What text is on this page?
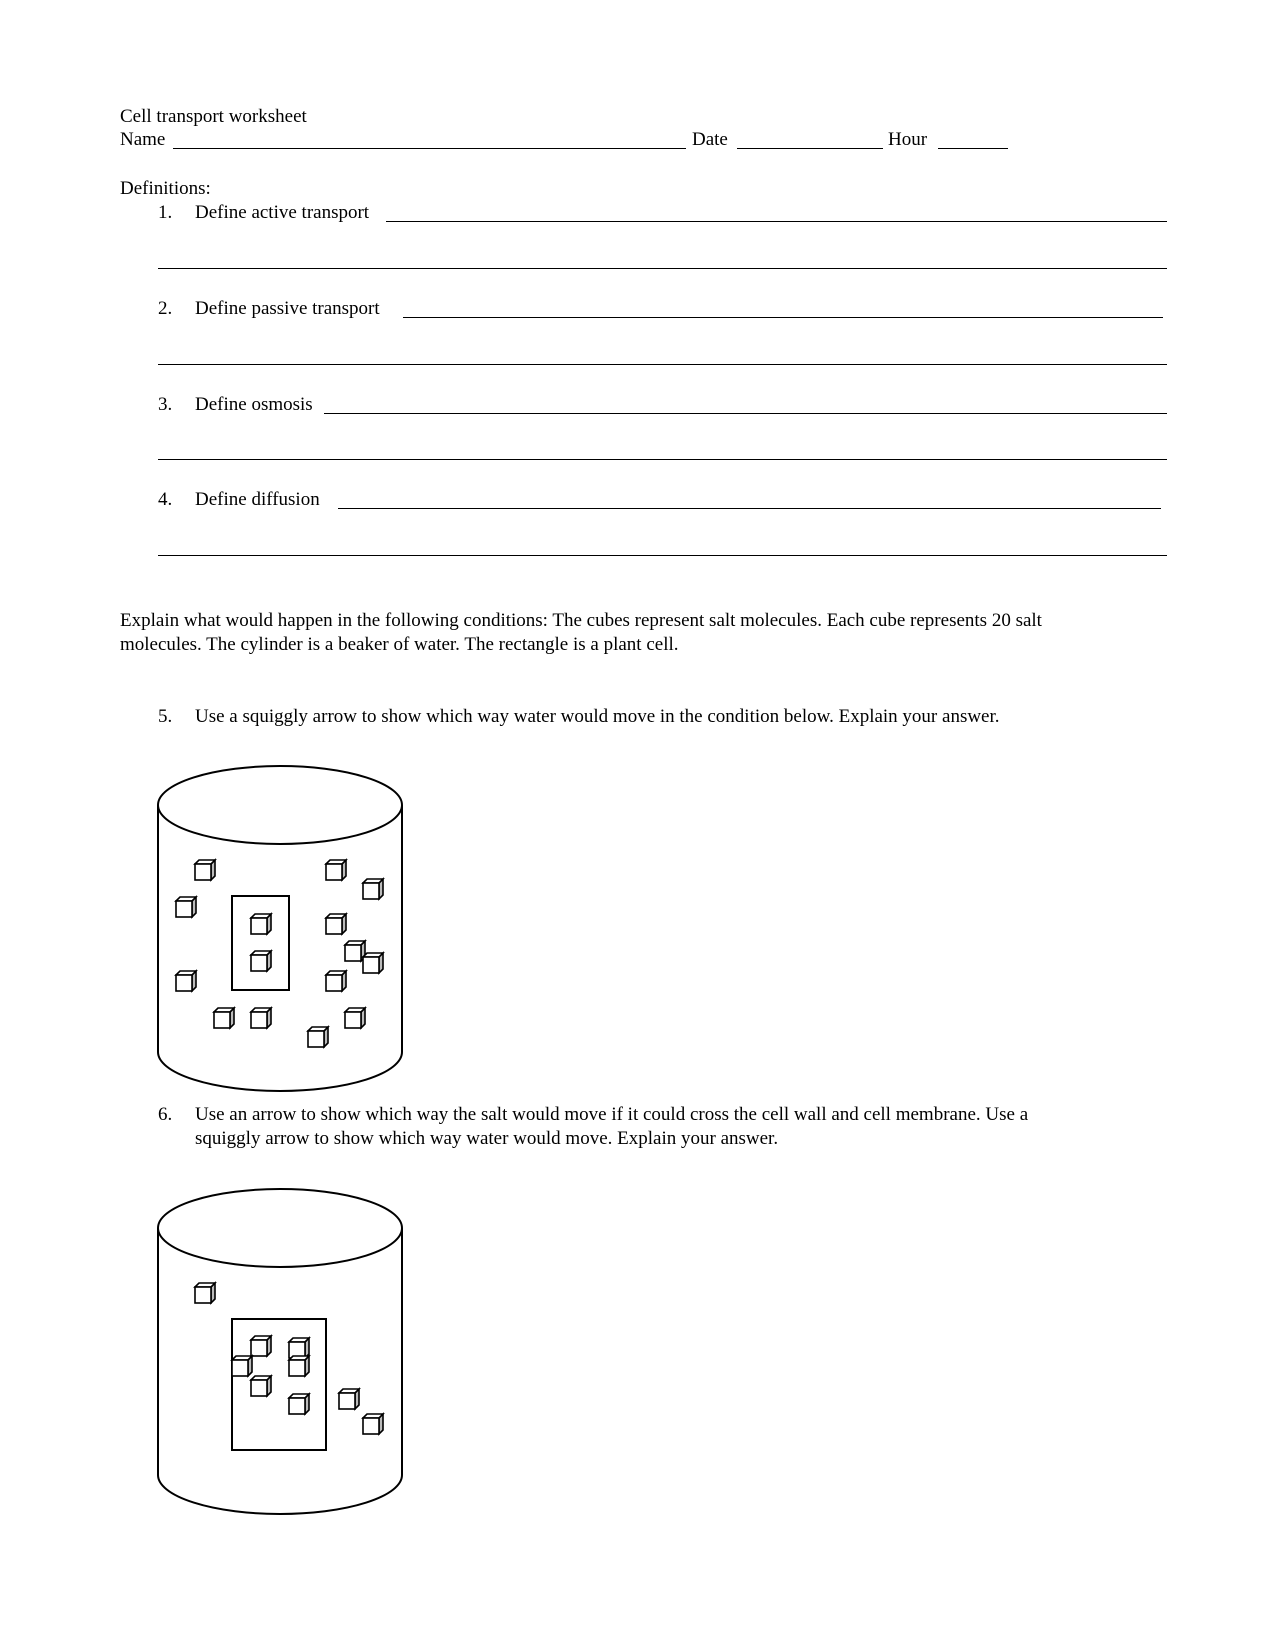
Cell transport worksheet
Name	Date	Hour
Definitions:
1. Define active transport
2. Define passive transport
3. Define osmosis
4. Define diffusion
Explain what would happen in the following conditions: The cubes represent salt molecules. Each cube represents 20 salt
molecules. The cylinder is a beaker of water. The rectangle is a plant cell.
5. Use a squiggly arrow to show which way water would move in the condition below. Explain your answer.
6. Use an arrow to show which way the salt would move if it could cross the cell wall and cell membrane. Use a
squiggly arrow to show which way water would move. Explain your answer.
